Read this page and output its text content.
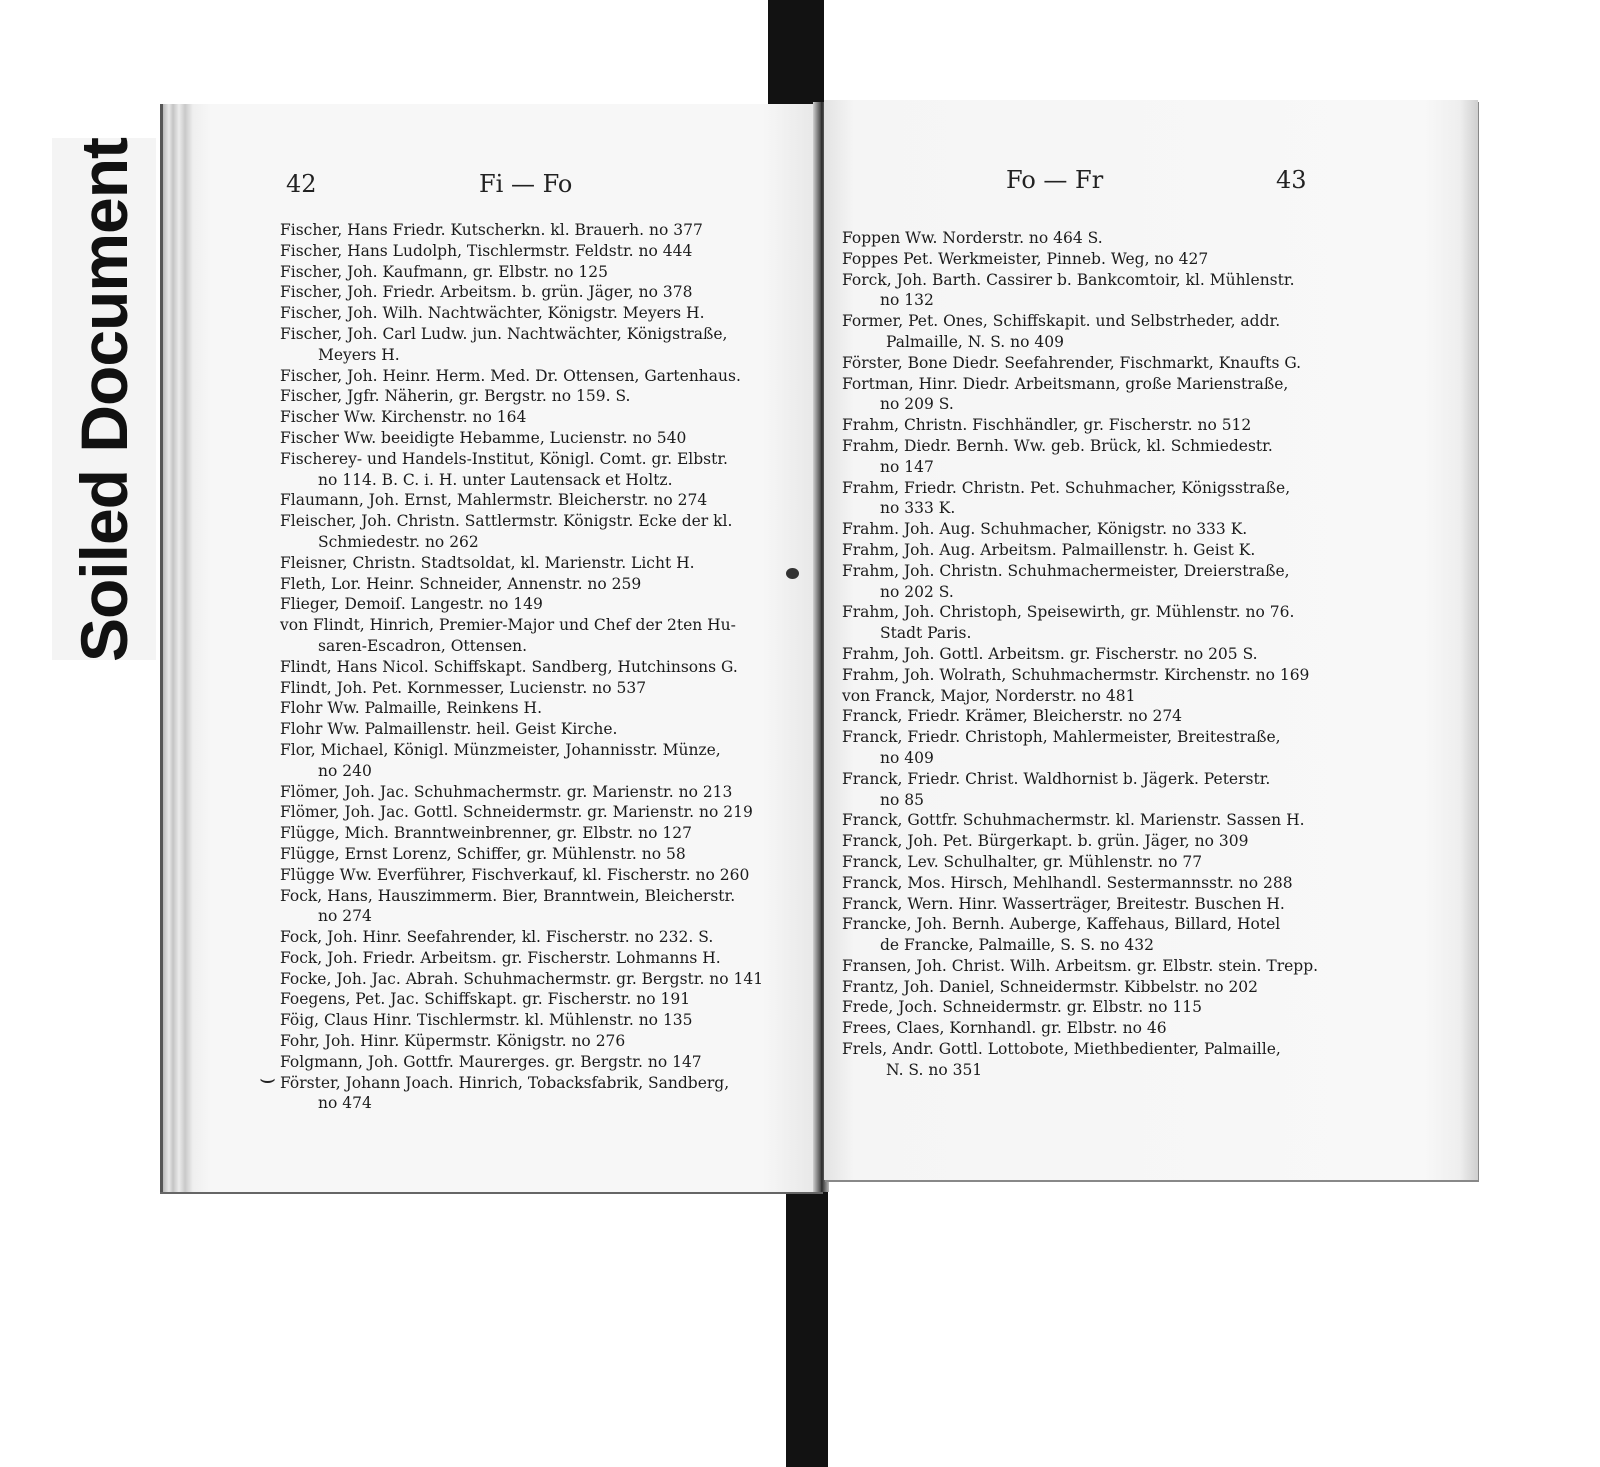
Soiled Document	42	Fi — Fo
Fischer, Hans Friedr. Kutscherkn. kl. Brauerh. no 377
Fischer, Hans Ludolph, Tischlermstr. Feldstr. no 444
Fischer, Joh. Kaufmann, gr. Elbstr. no 125
Fischer, Joh. Friedr. Arbeitsm. b. grün. Jäger, no 378
Fischer, Joh. Wilh. Nachtwächter, Königstr. Meyers H.
Fischer, Joh. Carl Ludw. jun. Nachtwächter, Königstraße,
Meyers H.
Fischer, Joh. Heinr. Herm. Med. Dr. Ottensen, Gartenhaus.
Fischer, Jgfr. Näherin, gr. Bergstr. no 159. S.
Fischer Ww. Kirchenstr. no 164
Fischer Ww. beeidigte Hebamme, Lucienstr. no 540
Fischerey- und Handels-Institut, Königl. Comt. gr. Elbstr.
no 114. B. C. i. H. unter Lautensack et Holtz.
Flaumann, Joh. Ernst, Mahlermstr. Bleicherstr. no 274
Fleischer, Joh. Christn. Sattlermstr. Königstr. Ecke der kl.
Schmiedestr. no 262
Fleisner, Christn. Stadtsoldat, kl. Marienstr. Licht H.
Fleth, Lor. Heinr. Schneider, Annenstr. no 259
Flieger, Demoiſ. Langestr. no 149
von Flindt, Hinrich, Premier-Major und Chef der 2ten Hu-
saren-Escadron, Ottensen.
Flindt, Hans Nicol. Schiffskapt. Sandberg, Hutchinsons G.
Flindt, Joh. Pet. Kornmesser, Lucienstr. no 537
Flohr Ww. Palmaille, Reinkens H.
Flohr Ww. Palmaillenstr. heil. Geist Kirche.
Flor, Michael, Königl. Münzmeister, Johannisstr. Münze,
no 240
Flömer, Joh. Jac. Schuhmachermstr. gr. Marienstr. no 213
Flömer, Joh. Jac. Gottl. Schneidermstr. gr. Marienstr. no 219
Flügge, Mich. Branntweinbrenner, gr. Elbstr. no 127
Flügge, Ernst Lorenz, Schiffer, gr. Mühlenstr. no 58
Flügge Ww. Everführer, Fischverkauf, kl. Fischerstr. no 260
Fock, Hans, Hauszimmerm. Bier, Branntwein, Bleicherstr.
no 274
Fock, Joh. Hinr. Seefahrender, kl. Fischerstr. no 232. S.
Fock, Joh. Friedr. Arbeitsm. gr. Fischerstr. Lohmanns H.
Focke, Joh. Jac. Abrah. Schuhmachermstr. gr. Bergstr. no 141
Foegens, Pet. Jac. Schiffskapt. gr. Fischerstr. no 191
Föig, Claus Hinr. Tischlermstr. kl. Mühlenstr. no 135
Fohr, Joh. Hinr. Küpermstr. Königstr. no 276
Folgmann, Joh. Gottfr. Maurerges. gr. Bergstr. no 147
Förster, Johann Joach. Hinrich, Tobacksfabrik, Sandberg,
no 474
⌣
Fo — Fr	43
Foppen Ww. Norderstr. no 464 S.
Foppes Pet. Werkmeister, Pinneb. Weg, no 427
Forck, Joh. Barth. Cassirer b. Bankcomtoir, kl. Mühlenstr.
no 132
Former, Pet. Ones, Schiffskapit. und Selbstrheder, addr.
Palmaille, N. S. no 409
Förster, Bone Diedr. Seefahrender, Fischmarkt, Knaufts G.
Fortman, Hinr. Diedr. Arbeitsmann, große Marienstraße,
no 209 S.
Frahm, Christn. Fischhändler, gr. Fischerstr. no 512
Frahm, Diedr. Bernh. Ww. geb. Brück, kl. Schmiedestr.
no 147
Frahm, Friedr. Christn. Pet. Schuhmacher, Königsstraße,
no 333 K.
Frahm. Joh. Aug. Schuhmacher, Königstr. no 333 K.
Frahm, Joh. Aug. Arbeitsm. Palmaillenstr. h. Geist K.
Frahm, Joh. Christn. Schuhmachermeister, Dreierstraße,
no 202 S.
Frahm, Joh. Christoph, Speisewirth, gr. Mühlenstr. no 76.
Stadt Paris.
Frahm, Joh. Gottl. Arbeitsm. gr. Fischerstr. no 205 S.
Frahm, Joh. Wolrath, Schuhmachermstr. Kirchenstr. no 169
von Franck, Major, Norderstr. no 481
Franck, Friedr. Krämer, Bleicherstr. no 274
Franck, Friedr. Christoph, Mahlermeister, Breitestraße,
no 409
Franck, Friedr. Christ. Waldhornist b. Jägerk. Peterstr.
no 85
Franck, Gottfr. Schuhmachermstr. kl. Marienstr. Sassen H.
Franck, Joh. Pet. Bürgerkapt. b. grün. Jäger, no 309
Franck, Lev. Schulhalter, gr. Mühlenstr. no 77
Franck, Mos. Hirsch, Mehlhandl. Sestermannsstr. no 288
Franck, Wern. Hinr. Wasserträger, Breitestr. Buschen H.
Francke, Joh. Bernh. Auberge, Kaffehaus, Billard, Hotel
de Francke, Palmaille, S. S. no 432
Fransen, Joh. Christ. Wilh. Arbeitsm. gr. Elbstr. stein. Trepp.
Frantz, Joh. Daniel, Schneidermstr. Kibbelstr. no 202
Frede, Joch. Schneidermstr. gr. Elbstr. no 115
Frees, Claes, Kornhandl. gr. Elbstr. no 46
Frels, Andr. Gottl. Lottobote, Miethbedienter, Palmaille,
N. S. no 351
